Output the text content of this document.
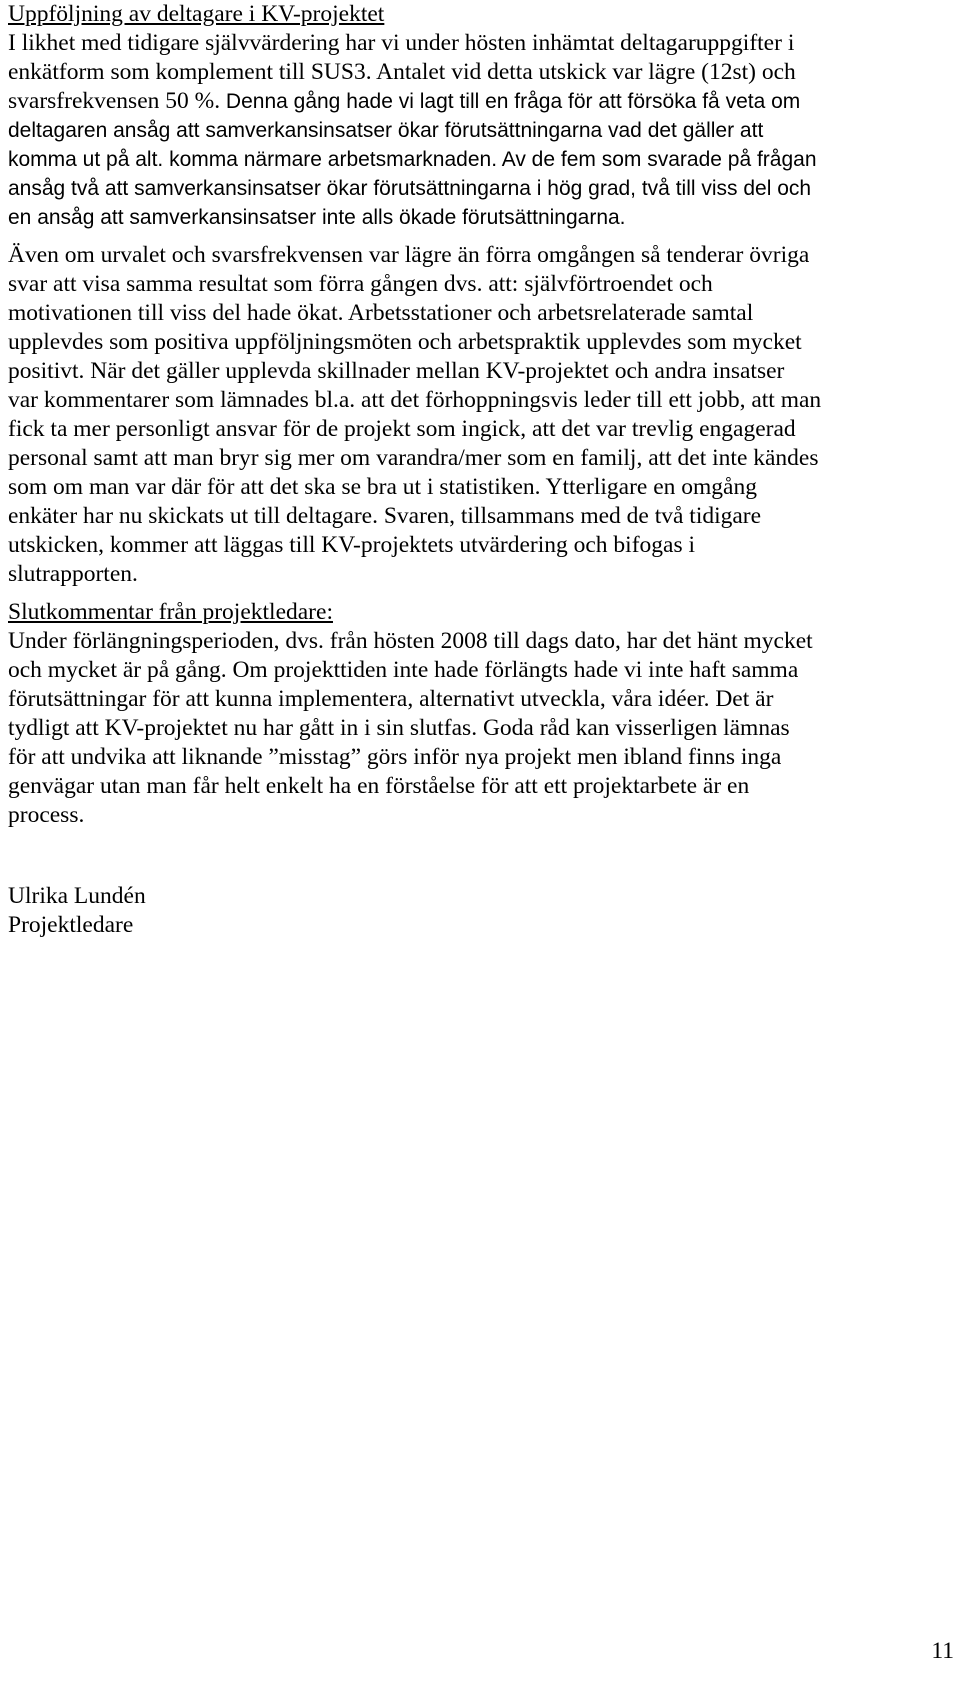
Uppföljning av deltagare i KV-projektet
I likhet med tidigare självvärdering har vi under hösten inhämtat deltagaruppgifter i
enkätform som komplement till SUS3. Antalet vid detta utskick var lägre (12st) och
svarsfrekvensen 50 %. Denna gång hade vi lagt till en fråga för att försöka få veta om
deltagaren ansåg att samverkansinsatser ökar förutsättningarna vad det gäller att
komma ut på alt. komma närmare arbetsmarknaden. Av de fem som svarade på frågan
ansåg två att samverkansinsatser ökar förutsättningarna i hög grad, två till viss del och
en ansåg att samverkansinsatser inte alls ökade förutsättningarna.
Även om urvalet och svarsfrekvensen var lägre än förra omgången så tenderar övriga
svar att visa samma resultat som förra gången dvs. att: självförtroendet och
motivationen till viss del hade ökat. Arbetsstationer och arbetsrelaterade samtal
upplevdes som positiva uppföljningsmöten och arbetspraktik upplevdes som mycket
positivt. När det gäller upplevda skillnader mellan KV-projektet och andra insatser
var kommentarer som lämnades bl.a. att det förhoppningsvis leder till ett jobb, att man
fick ta mer personligt ansvar för de projekt som ingick, att det var trevlig engagerad
personal samt att man bryr sig mer om varandra/mer som en familj, att det inte kändes
som om man var där för att det ska se bra ut i statistiken. Ytterligare en omgång
enkäter har nu skickats ut till deltagare. Svaren, tillsammans med de två tidigare
utskicken, kommer att läggas till KV-projektets utvärdering och bifogas i
slutrapporten.
Slutkommentar från projektledare:
Under förlängningsperioden, dvs. från hösten 2008 till dags dato, har det hänt mycket
och mycket är på gång. Om projekttiden inte hade förlängts hade vi inte haft samma
förutsättningar för att kunna implementera, alternativt utveckla, våra idéer. Det är
tydligt att KV-projektet nu har gått in i sin slutfas. Goda råd kan visserligen lämnas
för att undvika att liknande ”misstag” görs inför nya projekt men ibland finns inga
genvägar utan man får helt enkelt ha en förståelse för att ett projektarbete är en
process.
Ulrika Lundén
Projektledare
11
